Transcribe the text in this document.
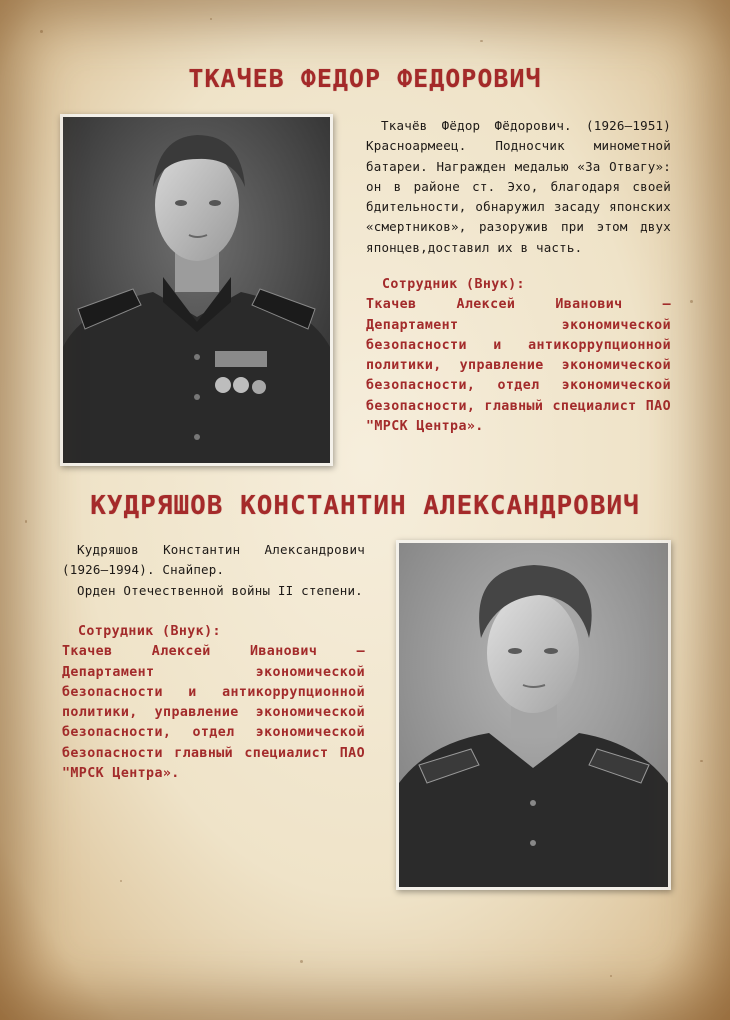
ТКАЧЕВ ФЕДОР ФЕДОРОВИЧ

Ткачёв Фёдор Фёдорович. (1926–1951) Красноармеец. Подносчик минометной батареи. Награжден медалью «За Отвагу»: он в районе ст. Эхо, благодаря своей бдительности, обнаружил засаду японских «смертников», разоружив при этом двух японцев,доставил их в часть.

Сотрудник (Внук):

Ткачев Алексей Иванович – Департамент экономической безопасности и антикоррупционной политики, управление экономической безопасности, отдел экономической безопасности, главный специалист ПАО "МРСК Центра».

КУДРЯШОВ КОНСТАНТИН АЛЕКСАНДРОВИЧ

Кудряшов Константин Александрович (1926–1994). Снайпер.

Орден Отечественной войны II степени.

Сотрудник (Внук):

Ткачев Алексей Иванович – Департамент экономической безопасности и антикоррупционной политики, управление экономической безопасности, отдел экономической безопасности главный специалист ПАО "МРСК Центра».
